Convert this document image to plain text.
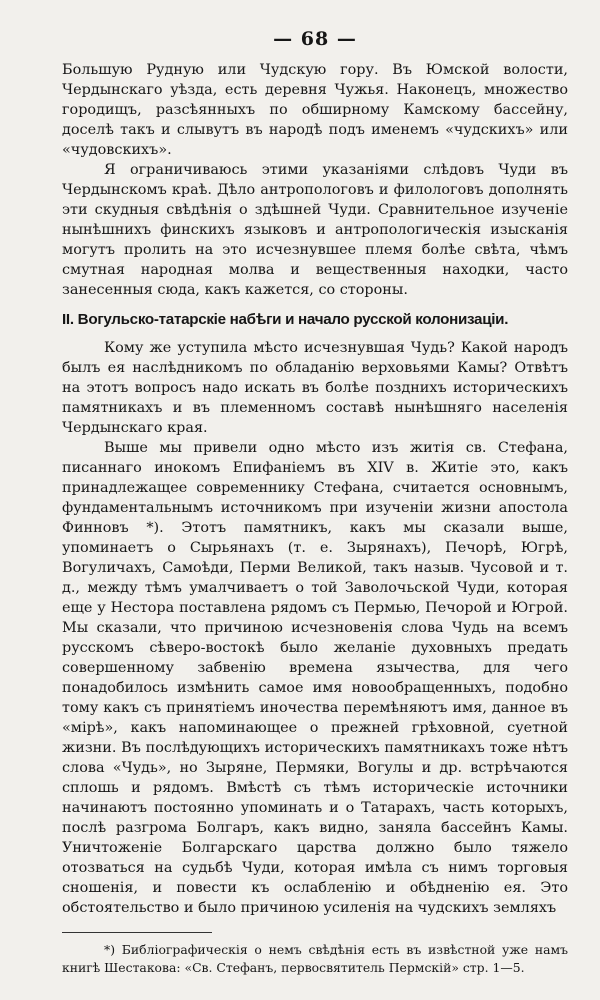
— 68 —

Большую Рудную или Чудскую гору. Въ Юмской волости, Чердынскаго уѣзда, есть деревня Чужья. Наконецъ, множество городищъ, разсѣянныхъ по обширному Камскому бассейну, доселѣ такъ и слывутъ въ народѣ подъ именемъ «чудскихъ» или «чудовскихъ».

Я ограничиваюсь этими указаніями слѣдовъ Чуди въ Чердынскомъ краѣ. Дѣло антропологовъ и филологовъ дополнять эти скудныя свѣдѣнія о здѣшней Чуди. Сравнительное изученіе нынѣшнихъ финскихъ языковъ и антропологическія изысканія могутъ пролить на это исчезнувшее племя болѣе свѣта, чѣмъ смутная народная молва и вещественныя находки, часто занесенныя сюда, какъ кажется, со стороны.

II. Вогульско-татарскіе набѣги и начало русской колонизаціи.

Кому же уступила мѣсто исчезнувшая Чудь? Какой народъ былъ ея наслѣдникомъ по обладанію верховьями Камы? Отвѣтъ на этотъ вопросъ надо искать въ болѣе позднихъ историческихъ памятникахъ и въ племенномъ составѣ нынѣшняго населенія Чердынскаго края.

Выше мы привели одно мѣсто изъ житія св. Стефана, писаннаго инокомъ Епифаніемъ въ XIV в. Житіе это, какъ принадлежащее современнику Стефана, считается основнымъ, фундаментальнымъ источникомъ при изученіи жизни апостола Финновъ *). Этотъ памятникъ, какъ мы сказали выше, упоминаетъ о Сырьянахъ (т. е. Зырянахъ), Печорѣ, Югрѣ, Вогуличахъ, Самоѣди, Перми Великой, такъ назыв. Чусовой и т. д., между тѣмъ умалчиваетъ о той Заволочьской Чуди, которая еще у Нестора поставлена рядомъ съ Пермью, Печорой и Югрой. Мы сказали, что причиною исчезновенія слова Чудь на всемъ русскомъ сѣверо-востокѣ было желаніе духовныхъ предать совершенному забвенію времена язычества, для чего понадобилось измѣнить самое имя новообращенныхъ, подобно тому какъ съ принятіемъ иночества перемѣняютъ имя, данное въ «мірѣ», какъ напоминающее о прежней грѣховной, суетной жизни. Въ послѣдующихъ историческихъ памятникахъ тоже нѣтъ слова «Чудь», но Зыряне, Пермяки, Вогулы и др. встрѣчаются сплошь и рядомъ. Вмѣстѣ съ тѣмъ историческіе источники начинаютъ постоянно упоминать и о Татарахъ, часть которыхъ, послѣ разгрома Болгаръ, какъ видно, заняла бассейнъ Камы. Уничтоженіе Болгарскаго царства должно было тяжело отозваться на судьбѣ Чуди, которая имѣла съ нимъ торговыя сношенія, и повести къ ослабленію и обѣдненію ея. Это обстоятельство и было причиною усиленія на чудскихъ земляхъ

*) Библіографическія о немъ свѣдѣнія есть въ извѣстной уже намъ книгѣ Шестакова: «Св. Стефанъ, первосвятитель Пермскій» стр. 1—5.
